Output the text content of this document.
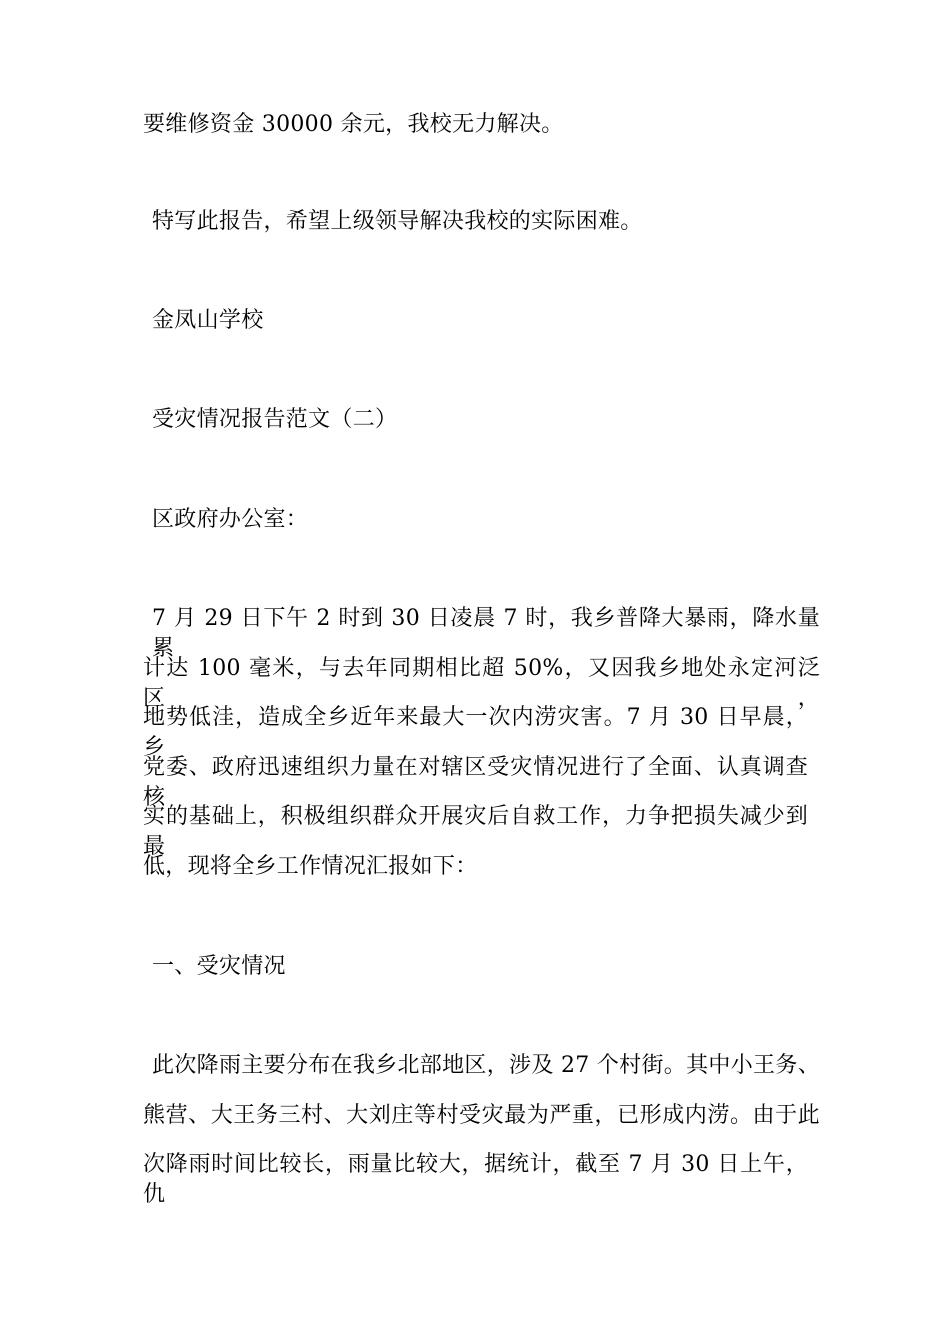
要维修资金 30000 余元，我校无力解决。
特写此报告，希望上级领导解决我校的实际困难。
金凤山学校
受灾情况报告范文（二）
区政府办公室：
7 月 29 日下午 2 时到 30 日凌晨 7 时，我乡普降大暴雨，降水量累
计达 100 毫米，与去年同期相比超 50%，又因我乡地处永定河泛区，
地势低洼，造成全乡近年来最大一次内涝灾害。7 月 30 日早晨，乡
党委、政府迅速组织力量在对辖区受灾情况进行了全面、认真调查核
实的基础上，积极组织群众开展灾后自救工作，力争把损失减少到最
低，现将全乡工作情况汇报如下：
一、受灾情况
此次降雨主要分布在我乡北部地区，涉及 27 个村街。其中小王务、
熊营、大王务三村、大刘庄等村受灾最为严重，已形成内涝。由于此
次降雨时间比较长，雨量比较大，据统计，截至 7 月 30 日上午，仇
